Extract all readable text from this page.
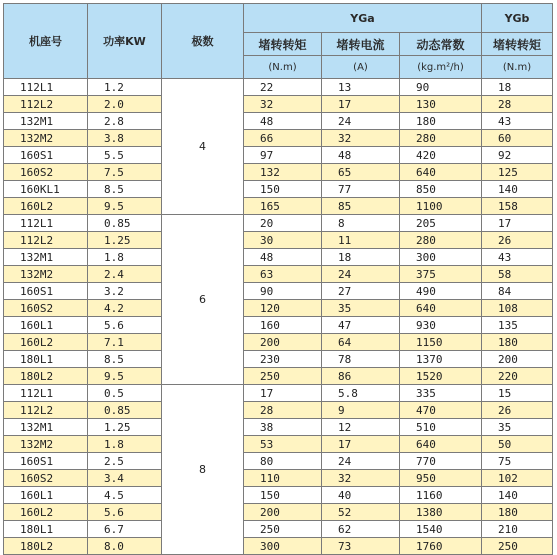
机座号	功率KW	极数	YGa			YGb
			堵转转矩	堵转电流	动态常数	堵转转矩
			(N.m)	(A)	(kg.m²/h)	(N.m)
112L1	1.2	4	22	13	90	18
112L2	2.0		32	17	130	28
132M1	2.8		48	24	180	43
132M2	3.8		66	32	280	60
160S1	5.5		97	48	420	92
160S2	7.5		132	65	640	125
160KL1	8.5		150	77	850	140
160L2	9.5		165	85	1100	158
112L1	0.85	6	20	8	205	17
112L2	1.25		30	11	280	26
132M1	1.8		48	18	300	43
132M2	2.4		63	24	375	58
160S1	3.2		90	27	490	84
160S2	4.2		120	35	640	108
160L1	5.6		160	47	930	135
160L2	7.1		200	64	1150	180
180L1	8.5		230	78	1370	200
180L2	9.5		250	86	1520	220
112L1	0.5	8	17	5.8	335	15
112L2	0.85		28	9	470	26
132M1	1.25		38	12	510	35
132M2	1.8		53	17	640	50
160S1	2.5		80	24	770	75
160S2	3.4		110	32	950	102
160L1	4.5		150	40	1160	140
160L2	5.6		200	52	1380	180
180L1	6.7		250	62	1540	210
180L2	8.0		300	73	1760	250
